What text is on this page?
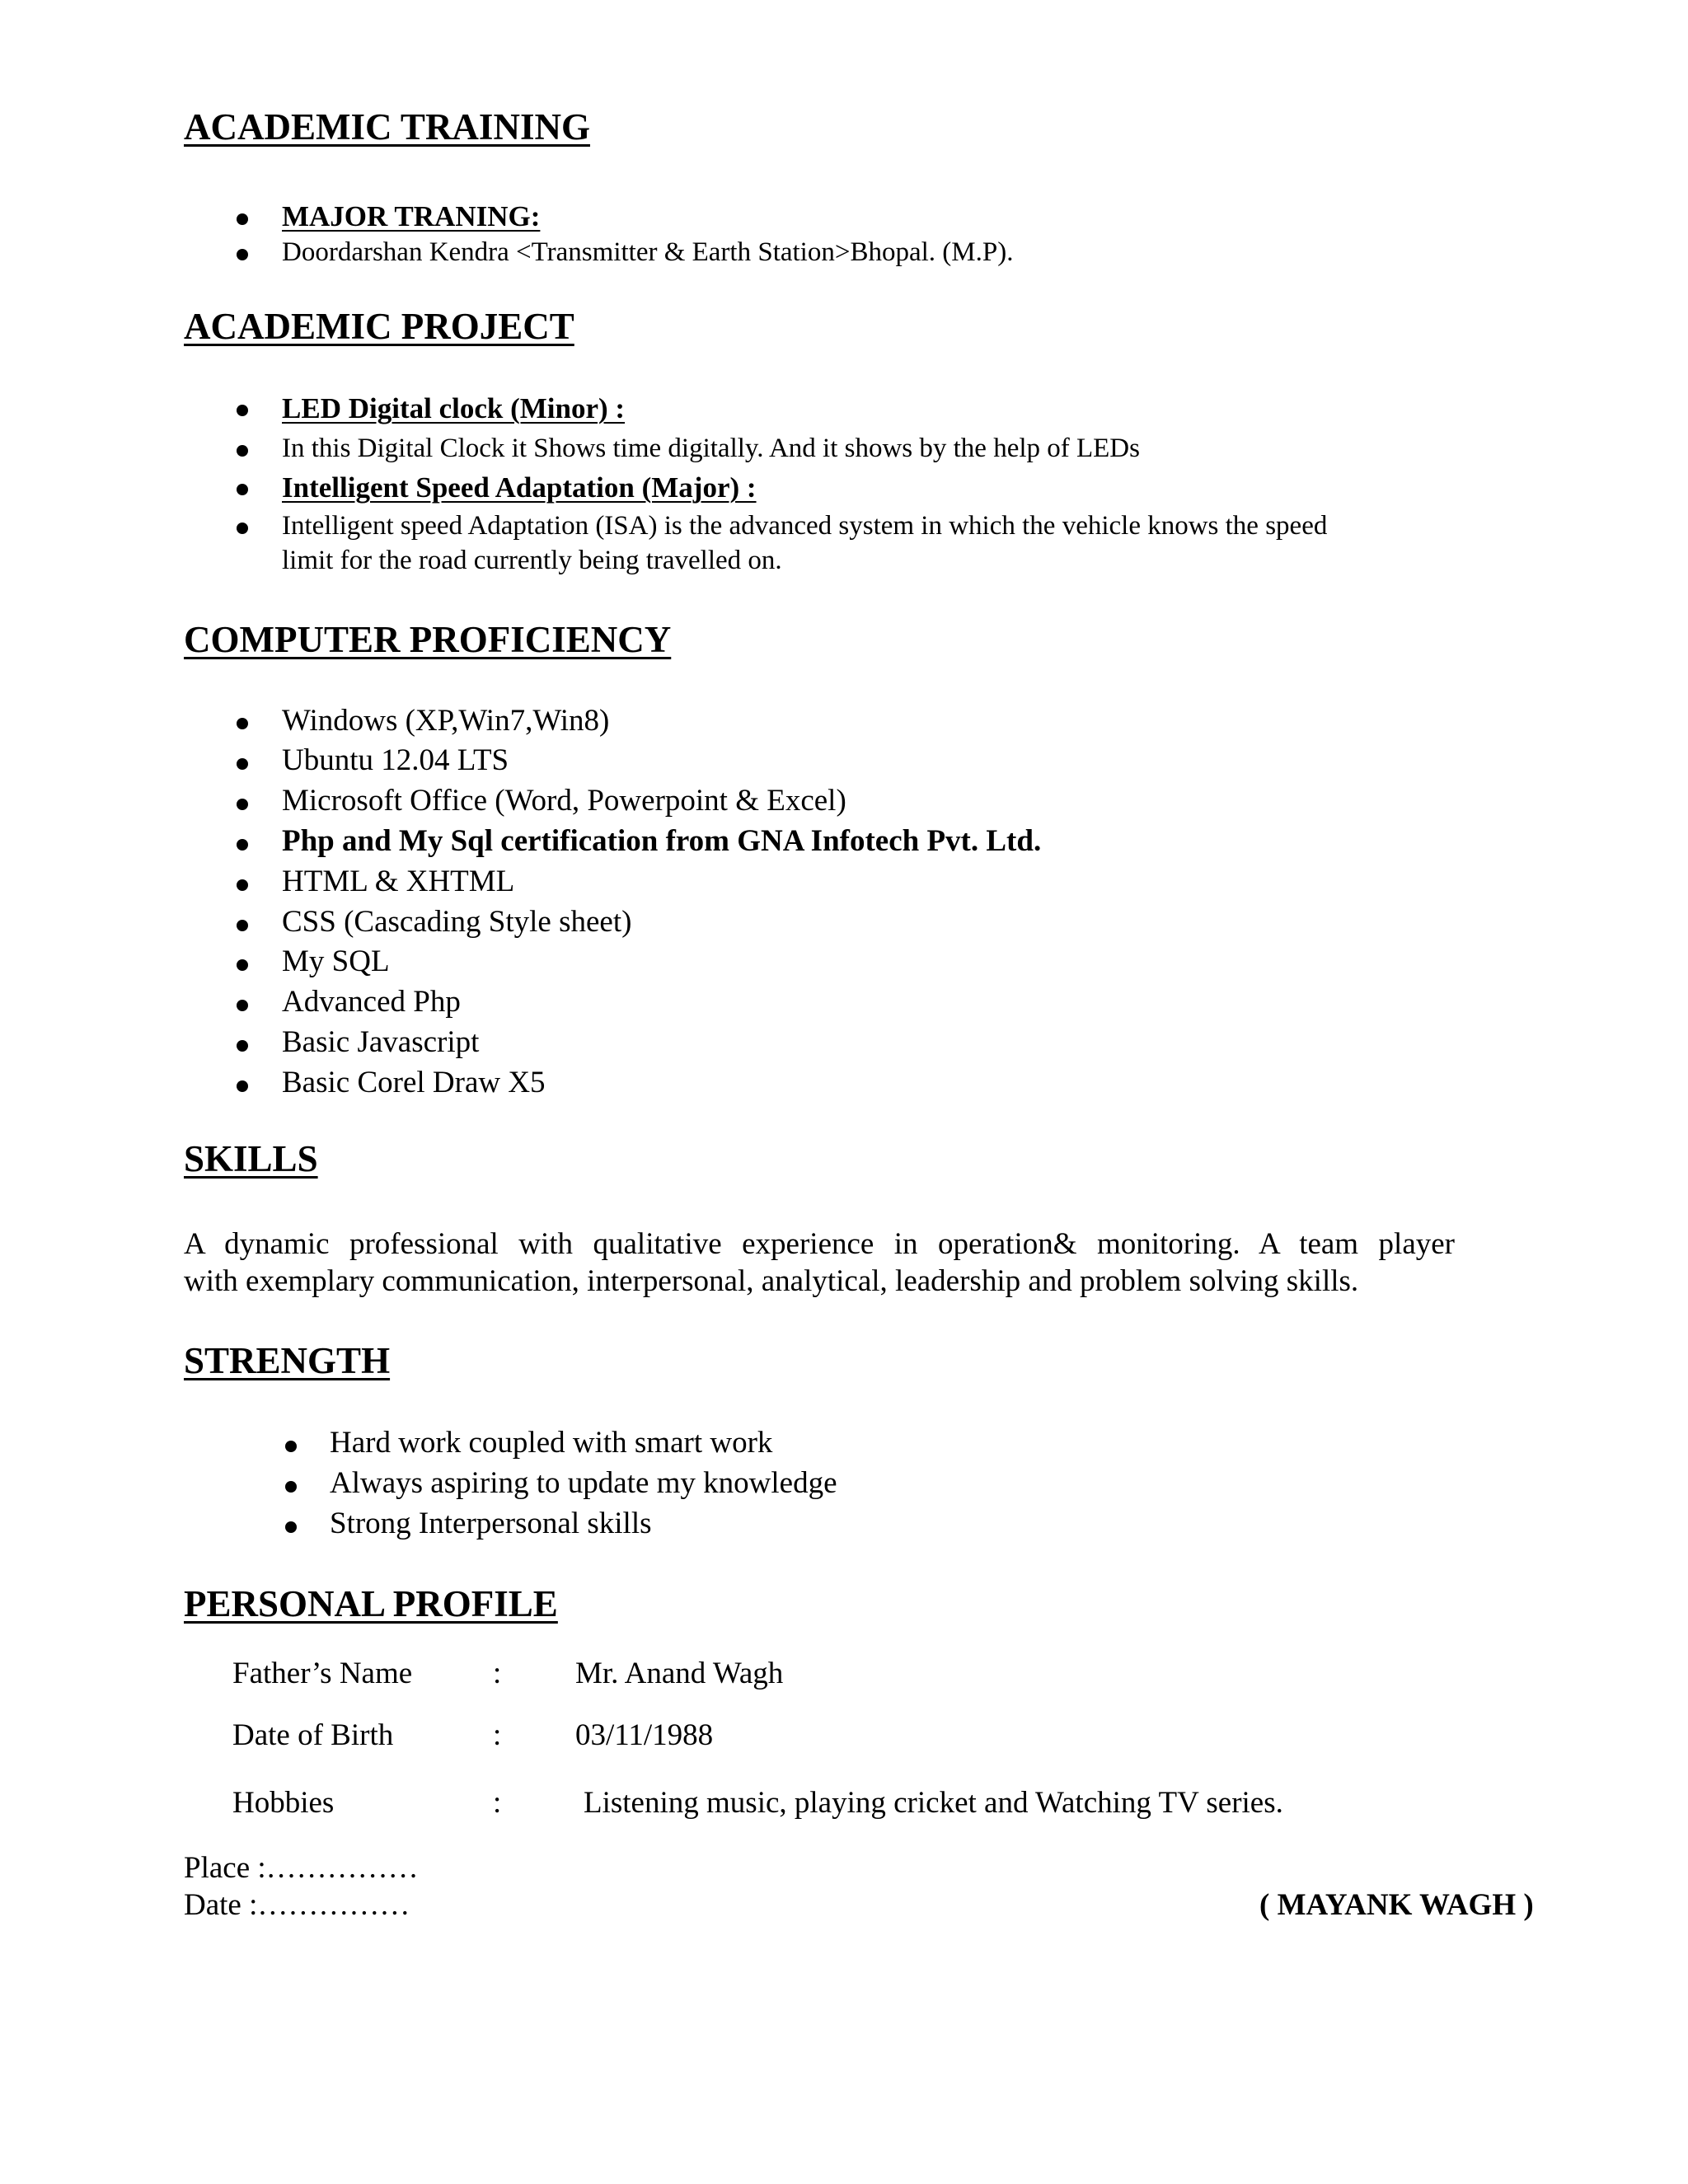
ACADEMIC TRAINING
MAJOR TRANING:
Doordarshan Kendra <Transmitter & Earth Station>Bhopal. (M.P).
ACADEMIC PROJECT
LED Digital clock (Minor) :
In this Digital Clock it Shows time digitally. And it shows by the help of LEDs
Intelligent Speed Adaptation (Major) :
Intelligent speed Adaptation (ISA) is the advanced system in which the vehicle knows the speed
limit for the road currently being travelled on.
COMPUTER PROFICIENCY
Windows (XP,Win7,Win8)
Ubuntu 12.04 LTS
Microsoft Office (Word, Powerpoint & Excel)
Php and My Sql certification from GNA Infotech Pvt. Ltd.
HTML & XHTML
CSS (Cascading Style sheet)
My SQL
Advanced Php
Basic Javascript
Basic Corel Draw X5
SKILLS
A dynamic professional with qualitative experience in operation& monitoring. A team player
with exemplary communication, interpersonal, analytical, leadership and problem solving skills.
STRENGTH
Hard work coupled with smart work
Always aspiring to update my knowledge
Strong Interpersonal skills
PERSONAL PROFILE
Father’s Name	: Mr. Anand Wagh
Date of Birth	: 03/11/1988
Hobbies	:	Listening music, playing cricket and Watching TV series.
Place :……………
Date :……………	( MAYANK WAGH )
